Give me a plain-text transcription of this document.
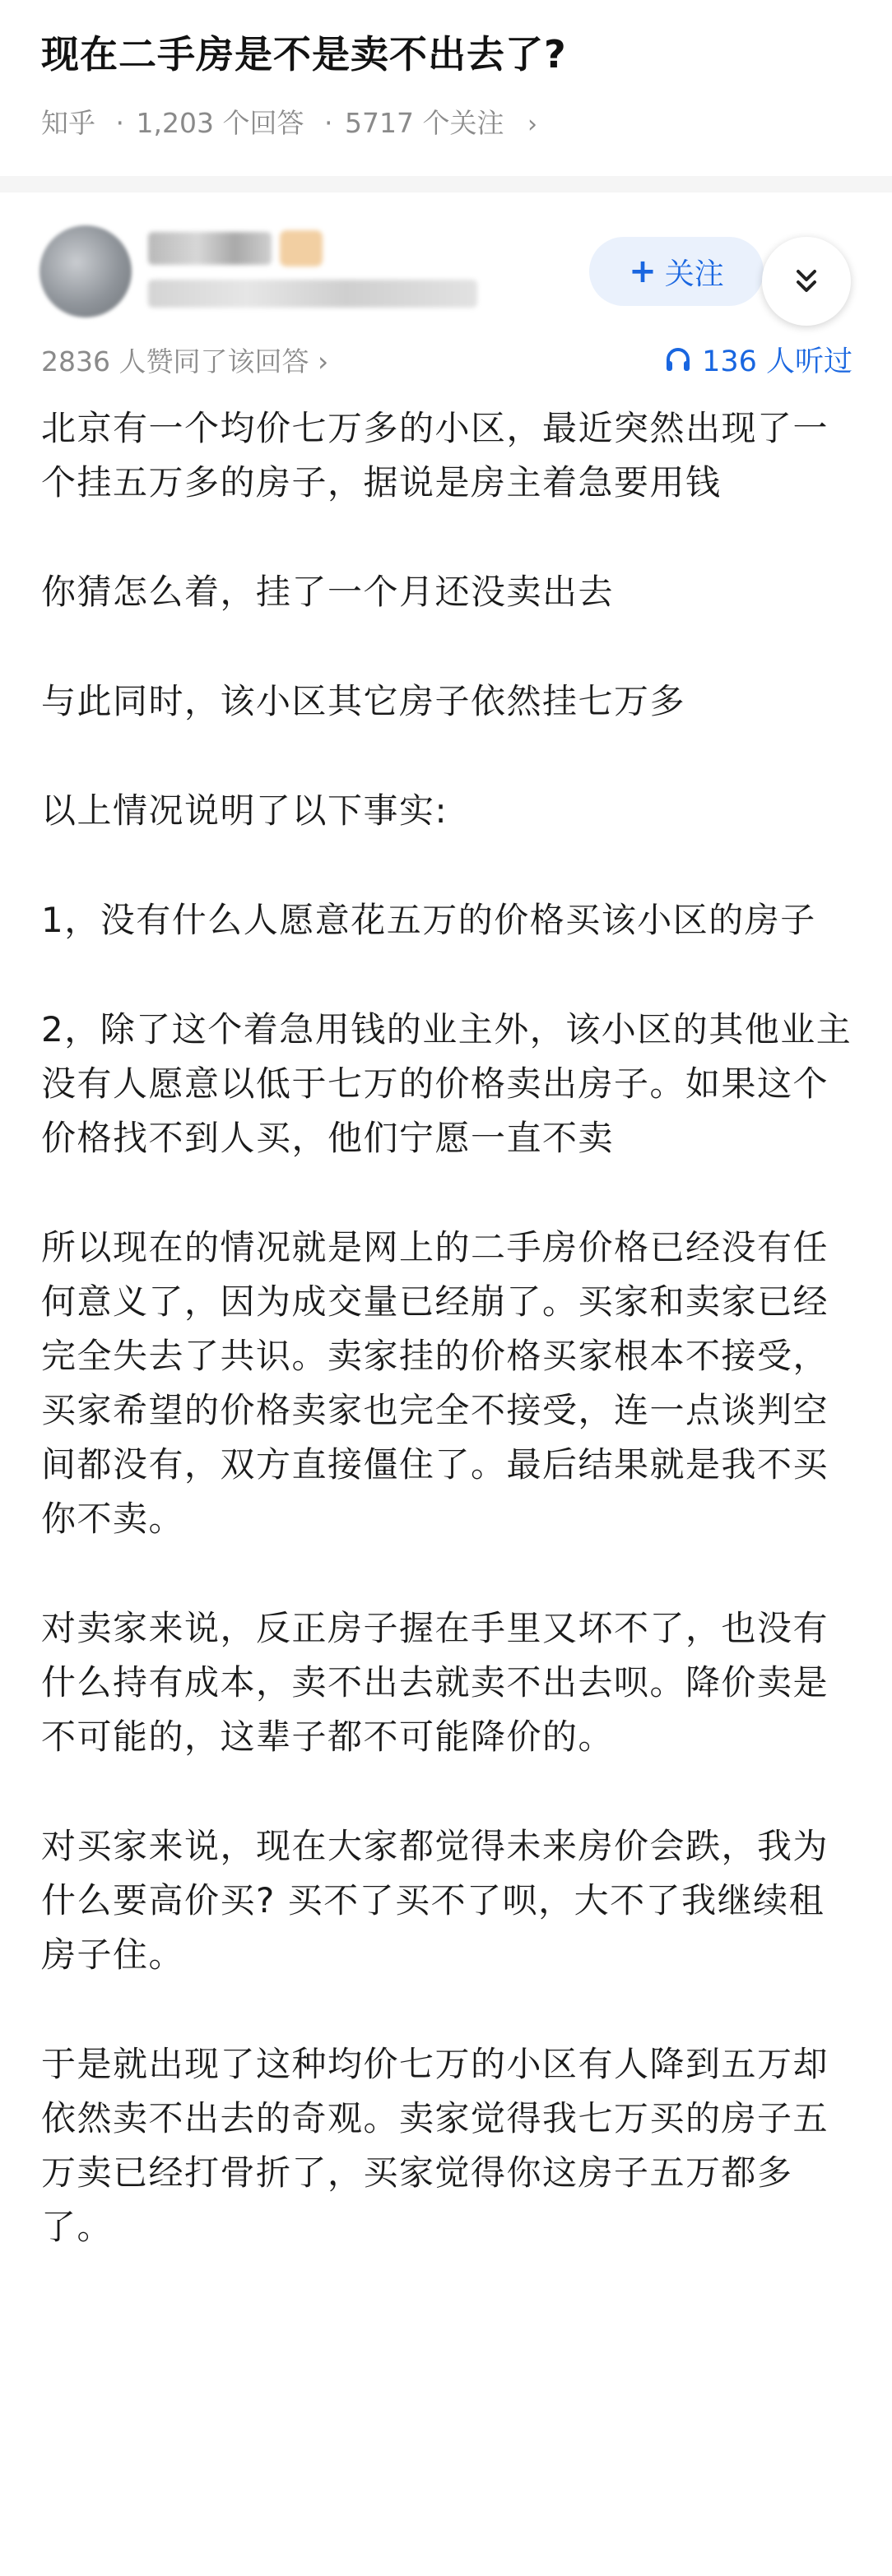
现在二手房是不是卖不出去了?
知乎 · 1,203 个回答 · 5717 个关注 ›
+ 关注
2836 人赞同了该回答 ›	136 人听过

北京有一个均价七万多的小区，最近突然出现了一个挂五万多的房子，据说是房主着急要用钱

你猜怎么着，挂了一个月还没卖出去

与此同时，该小区其它房子依然挂七万多

以上情况说明了以下事实:

1，没有什么人愿意花五万的价格买该小区的房子

2，除了这个着急用钱的业主外，该小区的其他业主没有人愿意以低于七万的价格卖出房子。如果这个价格找不到人买，他们宁愿一直不卖

所以现在的情况就是网上的二手房价格已经没有任何意义了，因为成交量已经崩了。买家和卖家已经完全失去了共识。卖家挂的价格买家根本不接受，买家希望的价格卖家也完全不接受，连一点谈判空间都没有，双方直接僵住了。最后结果就是我不买你不卖。

对卖家来说，反正房子握在手里又坏不了，也没有什么持有成本，卖不出去就卖不出去呗。降价卖是不可能的，这辈子都不可能降价的。

对买家来说，现在大家都觉得未来房价会跌，我为什么要高价买? 买不了买不了呗，大不了我继续租房子住。

于是就出现了这种均价七万的小区有人降到五万却依然卖不出去的奇观。卖家觉得我七万买的房子五万卖已经打骨折了，买家觉得你这房子五万都多了。
